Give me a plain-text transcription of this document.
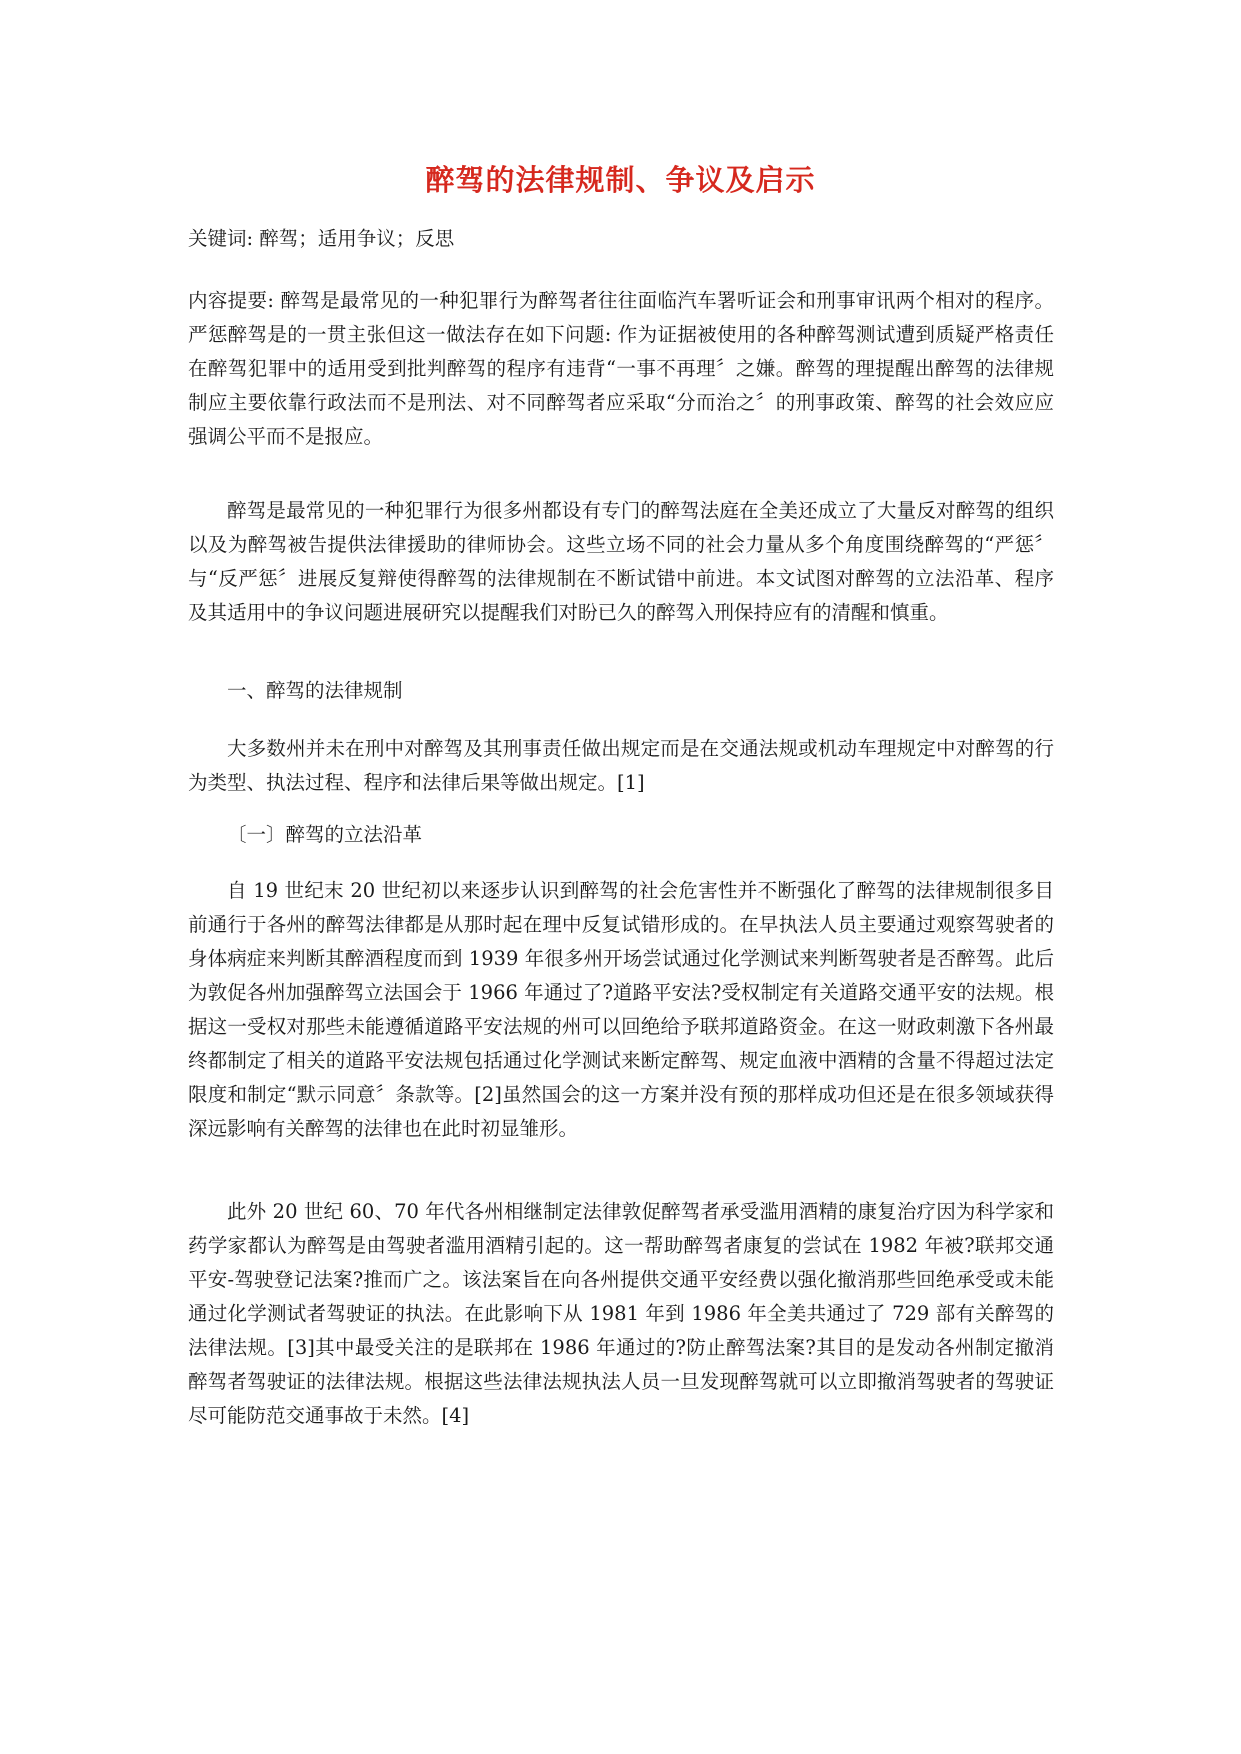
醉驾的法律规制、争议及启示
关键词: 醉驾；适用争议；反思
内容提要: 醉驾是最常见的一种犯罪行为醉驾者往往面临汽车署听证会和刑事审讯两个相对的程序。严惩醉驾是的一贯主张但这一做法存在如下问题: 作为证据被使用的各种醉驾测试遭到质疑严格责任在醉驾犯罪中的适用受到批判醉驾的程序有违背“一事不再理〞之嫌。醉驾的理提醒出醉驾的法律规制应主要依靠行政法而不是刑法、对不同醉驾者应采取“分而治之〞的刑事政策、醉驾的社会效应应强调公平而不是报应。
醉驾是最常见的一种犯罪行为很多州都设有专门的醉驾法庭在全美还成立了大量反对醉驾的组织以及为醉驾被告提供法律援助的律师协会。这些立场不同的社会力量从多个角度围绕醉驾的“严惩〞与“反严惩〞进展反复辩使得醉驾的法律规制在不断试错中前进。本文试图对醉驾的立法沿革、程序及其适用中的争议问题进展研究以提醒我们对盼已久的醉驾入刑保持应有的清醒和慎重。
一、醉驾的法律规制
大多数州并未在刑中对醉驾及其刑事责任做出规定而是在交通法规或机动车理规定中对醉驾的行为类型、执法过程、程序和法律后果等做出规定。[1]
〔一〕醉驾的立法沿革
自 19 世纪末 20 世纪初以来逐步认识到醉驾的社会危害性并不断强化了醉驾的法律规制很多目前通行于各州的醉驾法律都是从那时起在理中反复试错形成的。在早执法人员主要通过观察驾驶者的身体病症来判断其醉酒程度而到 1939 年很多州开场尝试通过化学测试来判断驾驶者是否醉驾。此后为敦促各州加强醉驾立法国会于 1966 年通过了?道路平安法?受权制定有关道路交通平安的法规。根据这一受权对那些未能遵循道路平安法规的州可以回绝给予联邦道路资金。在这一财政刺激下各州最终都制定了相关的道路平安法规包括通过化学测试来断定醉驾、规定血液中酒精的含量不得超过法定限度和制定“默示同意〞条款等。[2]虽然国会的这一方案并没有预的那样成功但还是在很多领域获得深远影响有关醉驾的法律也在此时初显雏形。
此外 20 世纪 60、70 年代各州相继制定法律敦促醉驾者承受滥用酒精的康复治疗因为科学家和药学家都认为醉驾是由驾驶者滥用酒精引起的。这一帮助醉驾者康复的尝试在 1982 年被?联邦交通平安-驾驶登记法案?推而广之。该法案旨在向各州提供交通平安经费以强化撤消那些回绝承受或未能通过化学测试者驾驶证的执法。在此影响下从 1981 年到 1986 年全美共通过了 729 部有关醉驾的法律法规。[3]其中最受关注的是联邦在 1986 年通过的?防止醉驾法案?其目的是发动各州制定撤消醉驾者驾驶证的法律法规。根据这些法律法规执法人员一旦发现醉驾就可以立即撤消驾驶者的驾驶证尽可能防范交通事故于未然。[4]
